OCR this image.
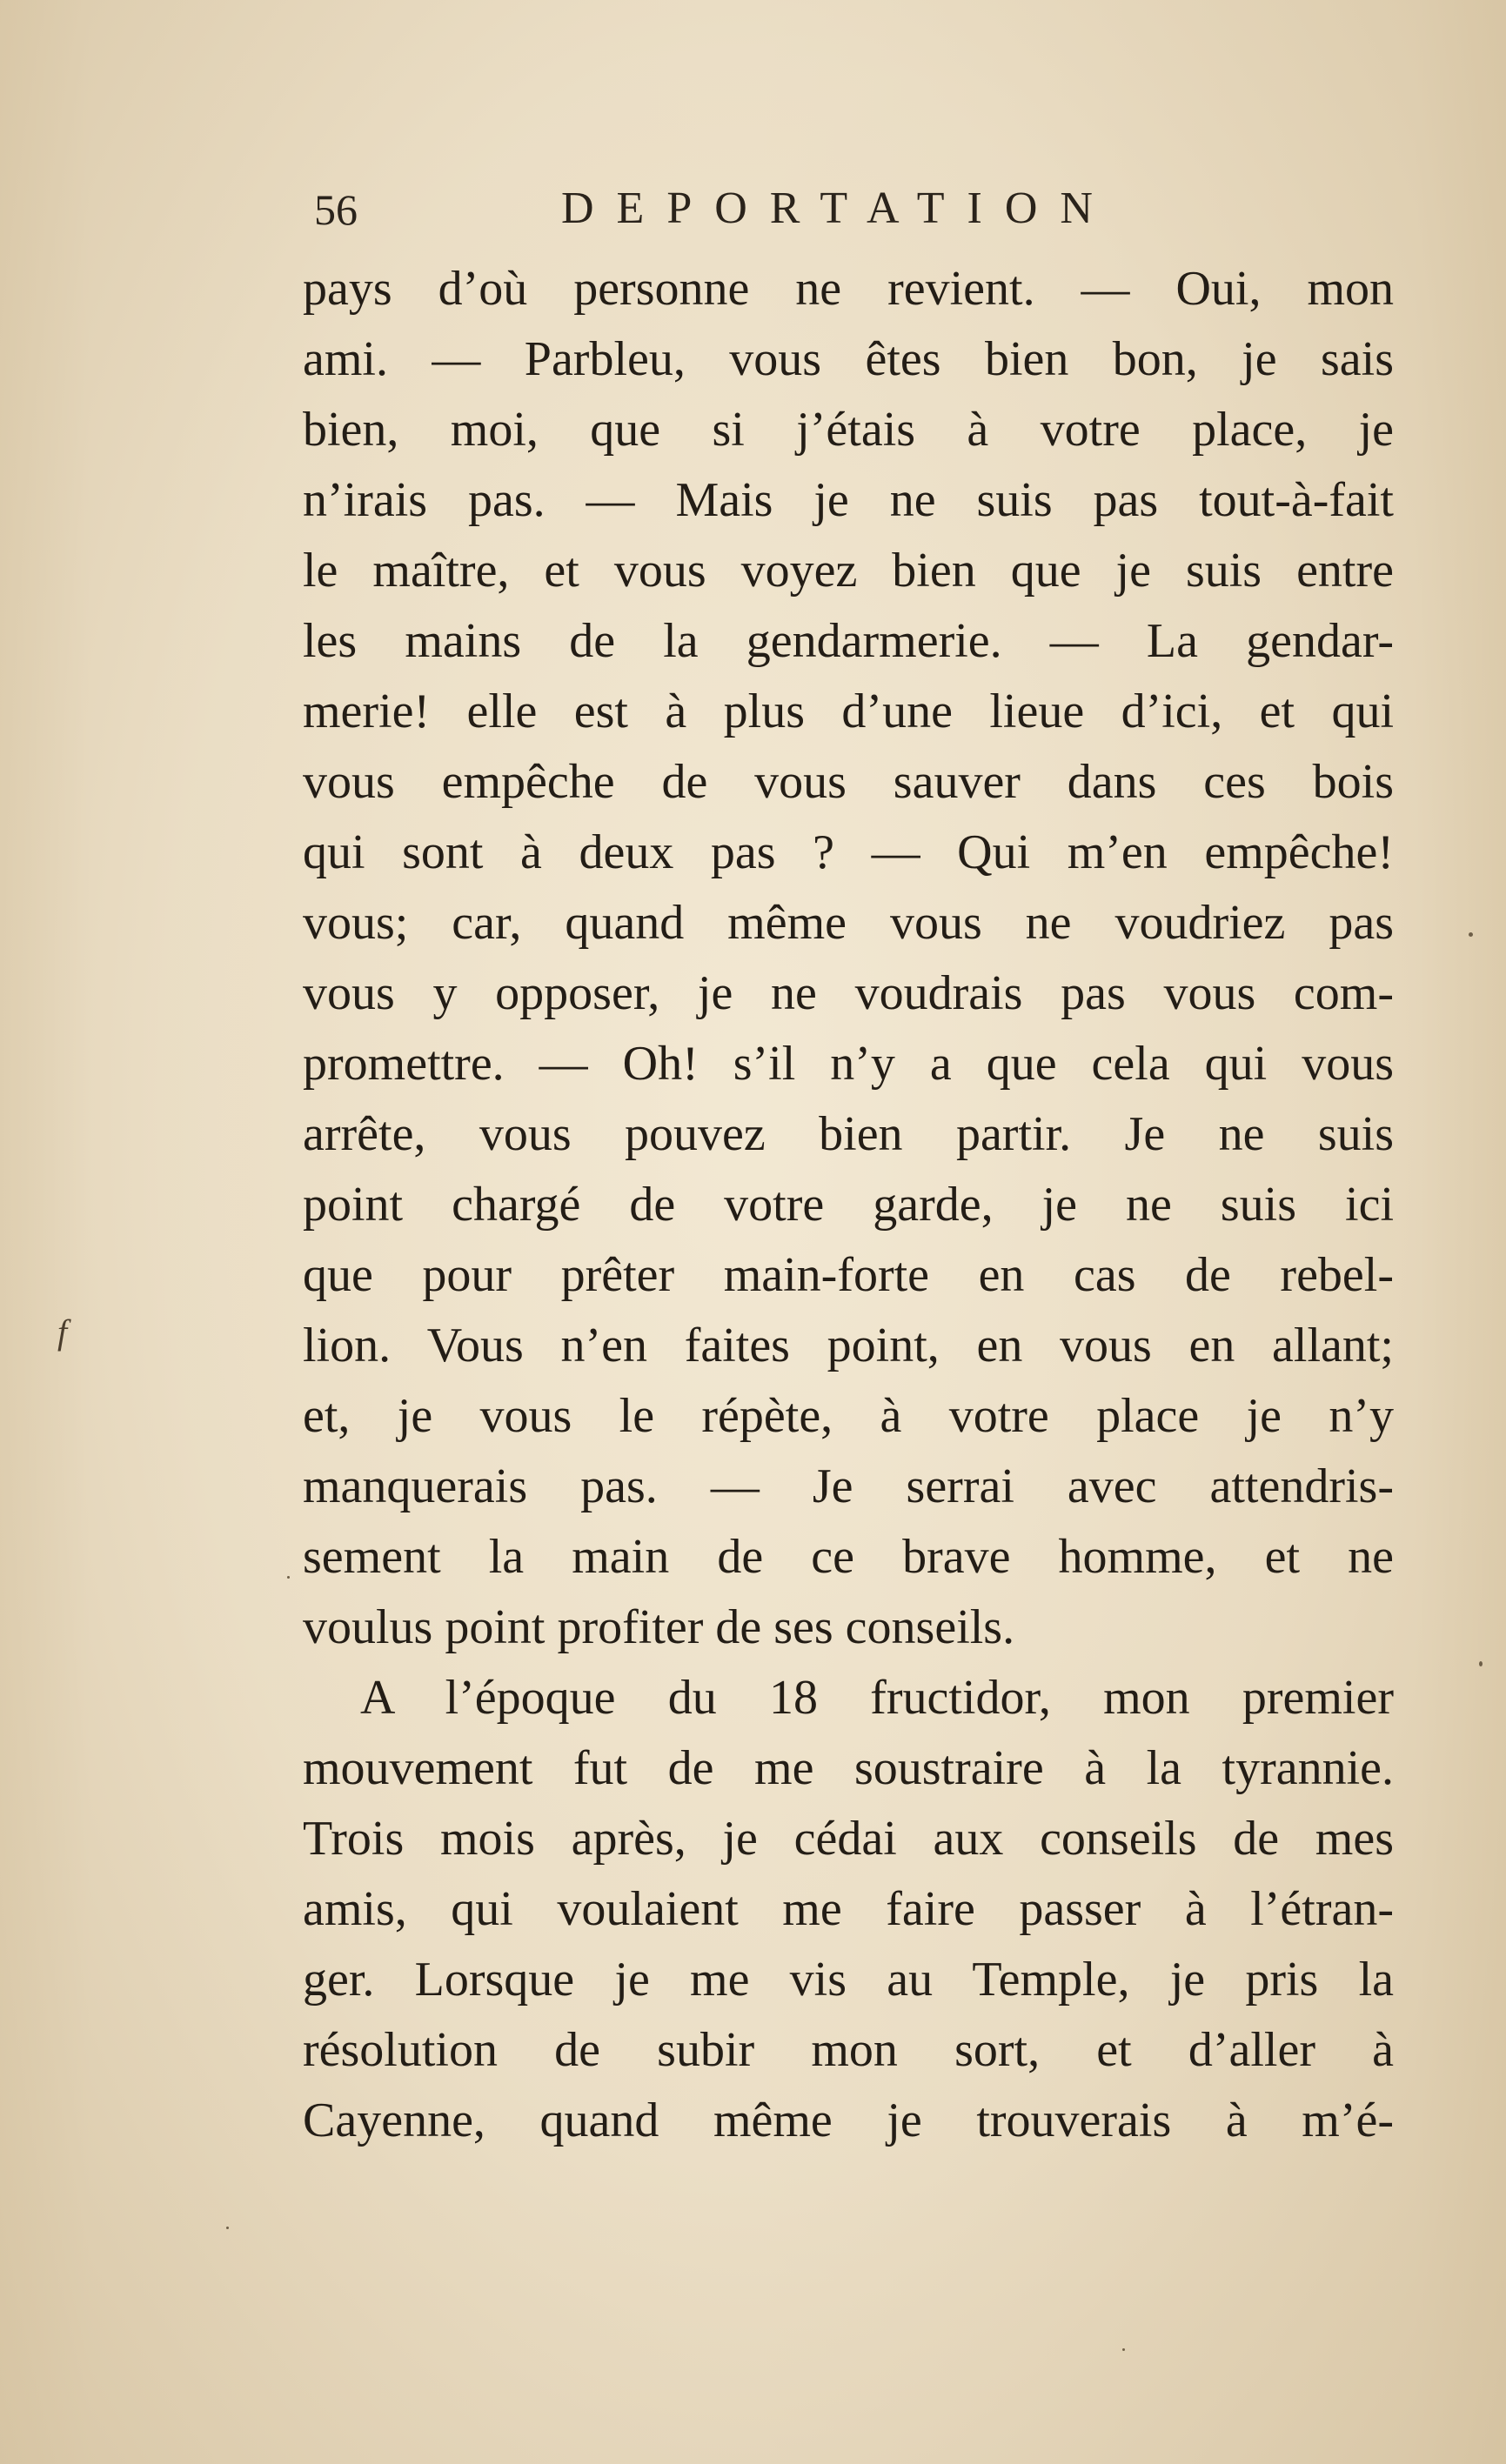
56	DEPORTATION
f
pays d’où personne ne revient. — Oui, mon
ami. — Parbleu, vous êtes bien bon, je sais
bien, moi, que si j’étais à votre place, je
n’irais pas. — Mais je ne suis pas tout-à-fait
le maître, et vous voyez bien que je suis entre
les mains de la gendarmerie. — La gendar-
merie! elle est à plus d’une lieue d’ici, et qui
vous empêche de vous sauver dans ces bois
qui sont à deux pas ? — Qui m’en empêche!
vous; car, quand même vous ne voudriez pas
vous y opposer, je ne voudrais pas vous com-
promettre. — Oh! s’il n’y a que cela qui vous
arrête, vous pouvez bien partir. Je ne suis
point chargé de votre garde, je ne suis ici
que pour prêter main-forte en cas de rebel-
lion. Vous n’en faites point, en vous en allant;
et, je vous le répète, à votre place je n’y
manquerais pas. — Je serrai avec attendris-
sement la main de ce brave homme, et ne
voulus point profiter de ses conseils.
A l’époque du 18 fructidor, mon premier
mouvement fut de me soustraire à la tyrannie.
Trois mois après, je cédai aux conseils de mes
amis, qui voulaient me faire passer à l’étran-
ger. Lorsque je me vis au Temple, je pris la
résolution de subir mon sort, et d’aller à
Cayenne, quand même je trouverais à m’é-
